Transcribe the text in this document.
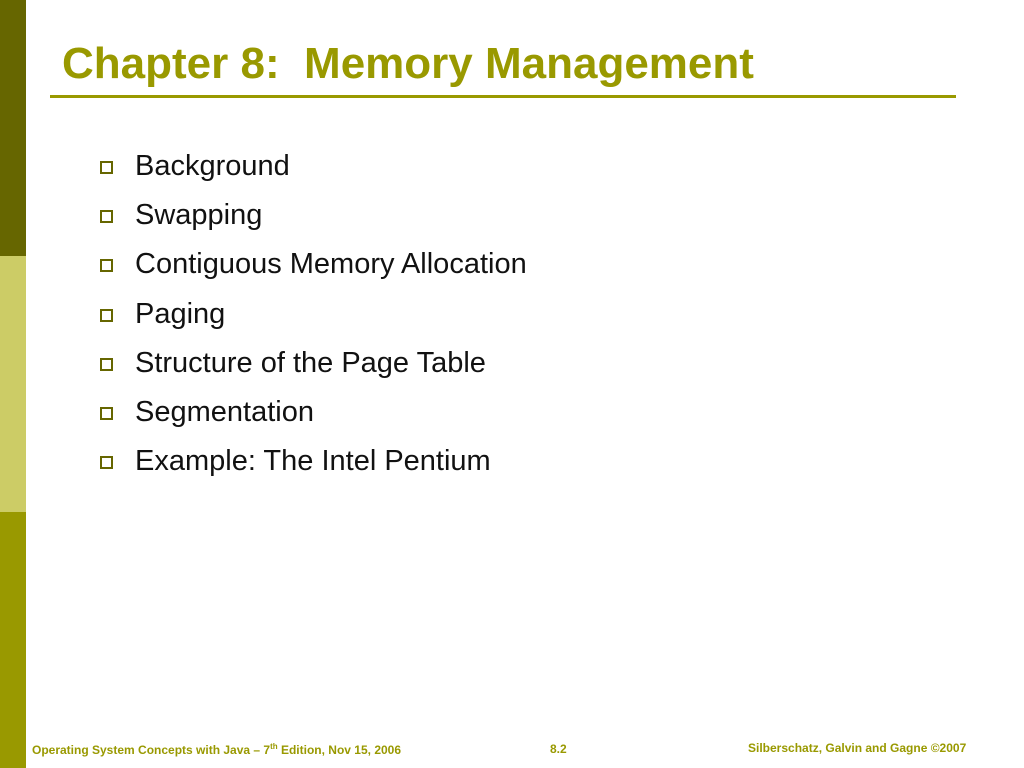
Chapter 8:  Memory Management
Background
Swapping
Contiguous Memory Allocation
Paging
Structure of the Page Table
Segmentation
Example: The Intel Pentium
Operating System Concepts with Java – 7th Edition, Nov 15, 2006	8.2	Silberschatz, Galvin and Gagne ©2007
